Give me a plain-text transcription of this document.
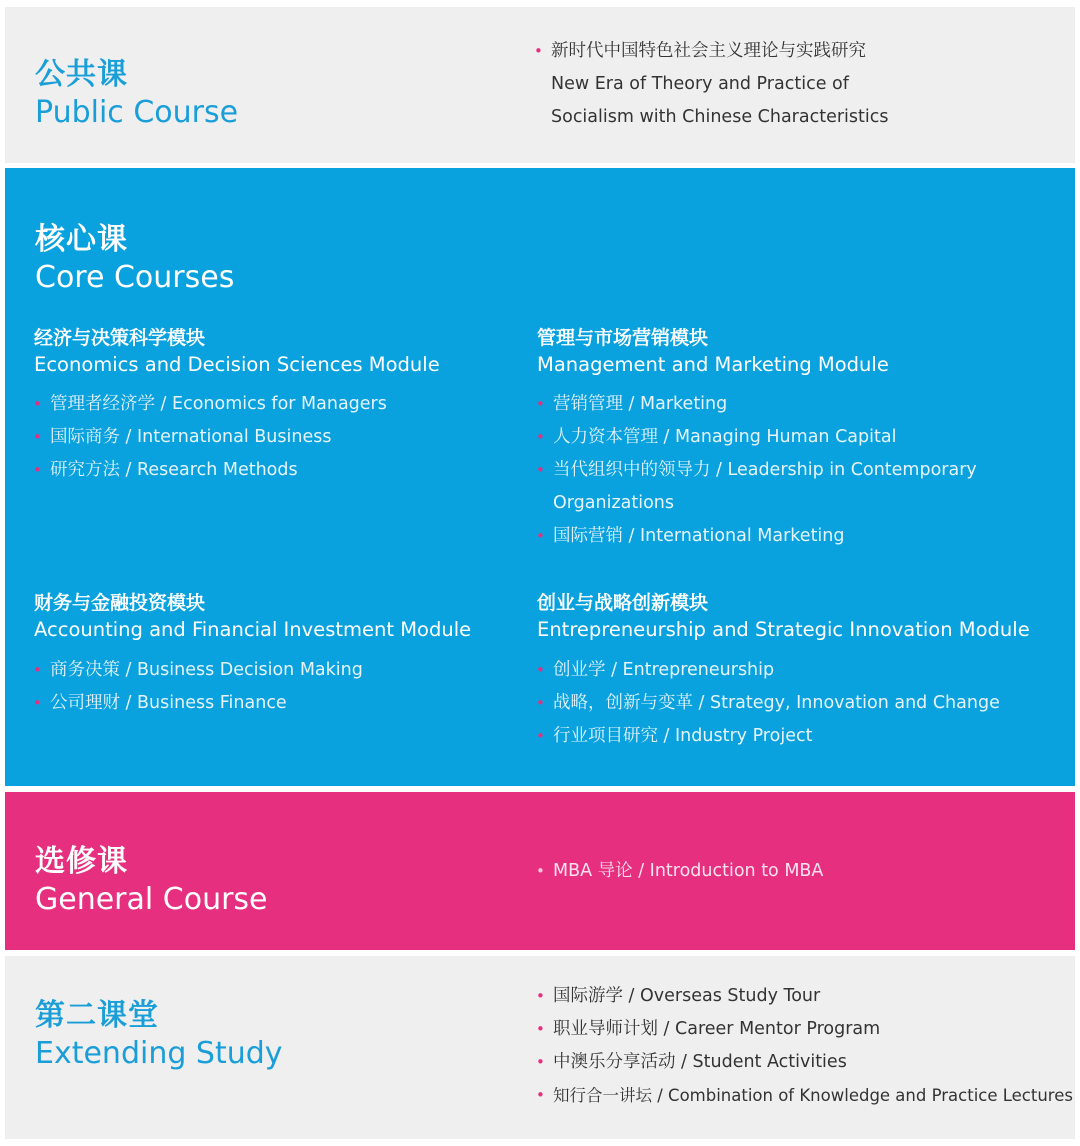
公共课
Public Course
• 新时代中国特色社会主义理论与实践研究
New Era of Theory and Practice of
Socialism with Chinese Characteristics
核心课
Core Courses
经济与决策科学模块
Economics and Decision Sciences Module
• 管理者经济学 / Economics for Managers
• 国际商务 / International Business
• 研究方法 / Research Methods
管理与市场营销模块
Management and Marketing Module
• 营销管理 / Marketing
• 人力资本管理 / Managing Human Capital
• 当代组织中的领导力 / Leadership in Contemporary
Organizations
• 国际营销 / International Marketing
财务与金融投资模块
Accounting and Financial Investment Module
• 商务决策 / Business Decision Making
• 公司理财 / Business Finance
创业与战略创新模块
Entrepreneurship and Strategic Innovation Module
• 创业学 / Entrepreneurship
• 战略，创新与变革 / Strategy, Innovation and Change
• 行业项目研究 / Industry Project
选修课
General Course
• MBA 导论 / Introduction to MBA
第二课堂
Extending Study
• 国际游学 / Overseas Study Tour
• 职业导师计划 / Career Mentor Program
• 中澳乐分享活动 / Student Activities
• 知行合一讲坛 / Combination of Knowledge and Practice Lectures
